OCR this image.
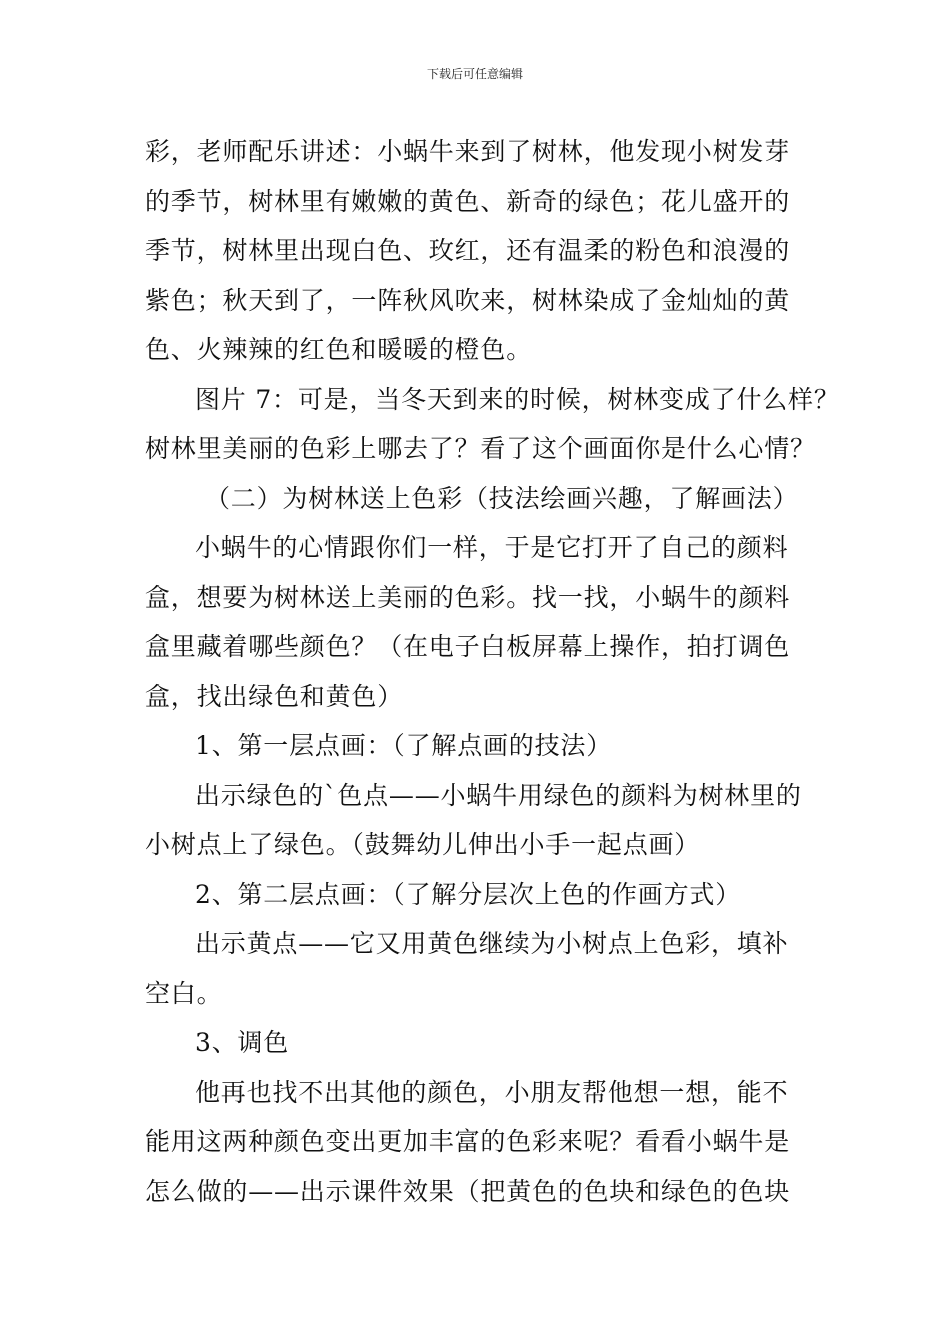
下载后可任意编辑
彩，老师配乐讲述：小蜗牛来到了树林，他发现小树发芽
的季节，树林里有嫩嫩的黄色、新奇的绿色；花儿盛开的
季节，树林里出现白色、玫红，还有温柔的粉色和浪漫的
紫色；秋天到了，一阵秋风吹来，树林染成了金灿灿的黄
色、火辣辣的红色和暖暖的橙色。
图片 7：可是，当冬天到来的时候，树林变成了什么样？
树林里美丽的色彩上哪去了？看了这个画面你是什么心情？
（二）为树林送上色彩（技法绘画兴趣，了解画法）
小蜗牛的心情跟你们一样，于是它打开了自己的颜料
盒，想要为树林送上美丽的色彩。找一找，小蜗牛的颜料
盒里藏着哪些颜色？（在电子白板屏幕上操作，拍打调色
盒，找出绿色和黄色）
1、第一层点画：（了解点画的技法）
出示绿色的`色点——小蜗牛用绿色的颜料为树林里的
小树点上了绿色。（鼓舞幼儿伸出小手一起点画）
2、第二层点画：（了解分层次上色的作画方式）
出示黄点——它又用黄色继续为小树点上色彩，填补
空白。
3、调色
他再也找不出其他的颜色，小朋友帮他想一想，能不
能用这两种颜色变出更加丰富的色彩来呢？看看小蜗牛是
怎么做的——出示课件效果（把黄色的色块和绿色的色块
